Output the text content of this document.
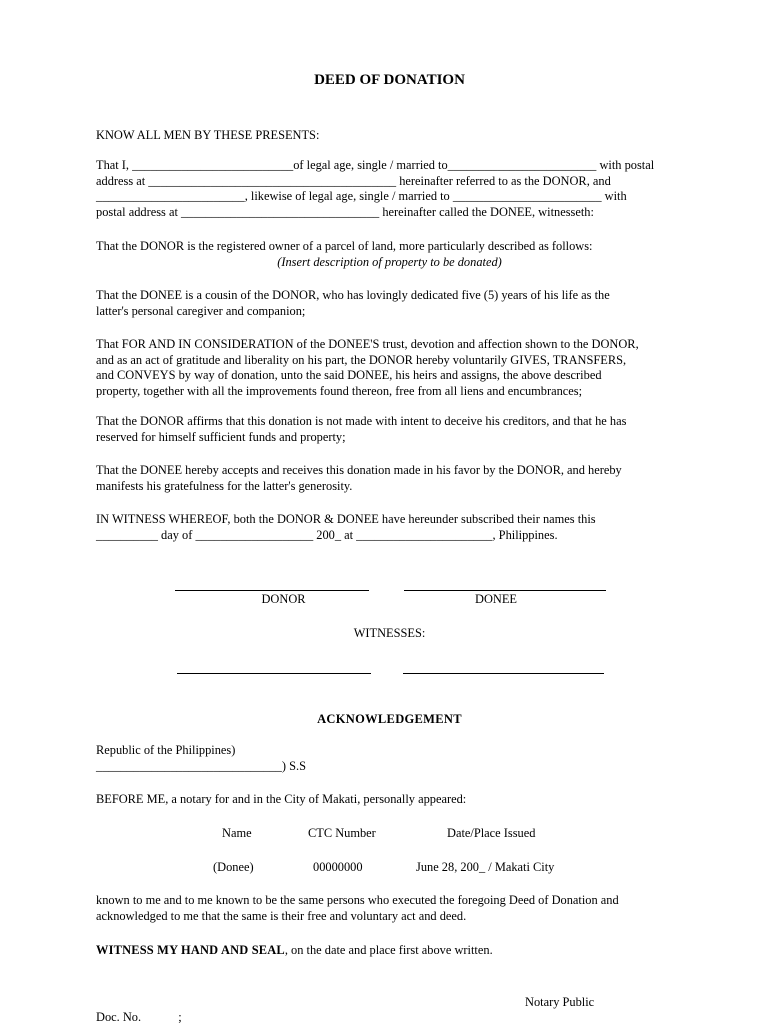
DEED OF DONATION
KNOW ALL MEN BY THESE PRESENTS:
That I, __________________________of legal age, single / married to________________________ with postal
address at ________________________________________ hereinafter referred to as the DONOR, and
________________________, likewise of legal age, single / married to ________________________ with
postal address at ________________________________ hereinafter called the DONEE, witnesseth:
That the DONOR is the registered owner of a parcel of land, more particularly described as follows:
(Insert description of property to be donated)
That the DONEE is a cousin of the DONOR, who has lovingly dedicated five (5) years of his life as the
latter's personal caregiver and companion;
That FOR AND IN CONSIDERATION of the DONEE'S trust, devotion and affection shown to the DONOR,
and as an act of gratitude and liberality on his part, the DONOR hereby voluntarily GIVES, TRANSFERS,
and CONVEYS by way of donation, unto the said DONEE, his heirs and assigns, the above described
property, together with all the improvements found thereon, free from all liens and encumbrances;
That the DONOR affirms that this donation is not made with intent to deceive his creditors, and that he has
reserved for himself sufficient funds and property;
That the DONEE hereby accepts and receives this donation made in his favor by the DONOR, and hereby
manifests his gratefulness for the latter's generosity.
IN WITNESS WHEREOF, both the DONOR & DONEE have hereunder subscribed their names this
__________ day of ___________________ 200_ at ______________________, Philippines.
DONOR	DONEE
WITNESSES:
ACKNOWLEDGEMENT
Republic of the Philippines)
______________________________) S.S
BEFORE ME, a notary for and in the City of Makati, personally appeared:
Name	CTC Number	Date/Place Issued
(Donee)	00000000	June 28, 200_ / Makati City
known to me and to me known to be the same persons who executed the foregoing Deed of Donation and
acknowledged to me that the same is their free and voluntary act and deed.
WITNESS MY HAND AND SEAL, on the date and place first above written.
Notary Public
Doc. No.            ;
